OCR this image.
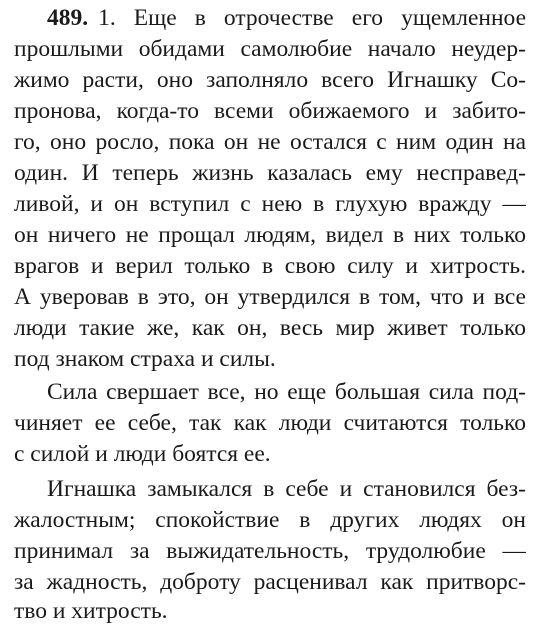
489. 1. Еще в отрочестве его ущемленное
прошлыми обидами самолюбие начало неудер-
жимо расти, оно заполняло всего Игнашку Со-
пронова, когда-то всеми обижаемого и забито-
го, оно росло, пока он не остался с ним один на
один. И теперь жизнь казалась ему несправед-
ливой, и он вступил с нею в глухую вражду —
он ничего не прощал людям, видел в них только
врагов и верил только в свою силу и хитрость.
А уверовав в это, он утвердился в том, что и все
люди такие же, как он, весь мир живет только
под знаком страха и силы.
Сила свершает все, но еще большая сила под-
чиняет ее себе, так как люди считаются только
с силой и люди боятся ее.
Игнашка замыкался в себе и становился без-
жалостным; спокойствие в других людях он
принимал за выжидательность, трудолюбие —
за жадность, доброту расценивал как притворс-
тво и хитрость.
